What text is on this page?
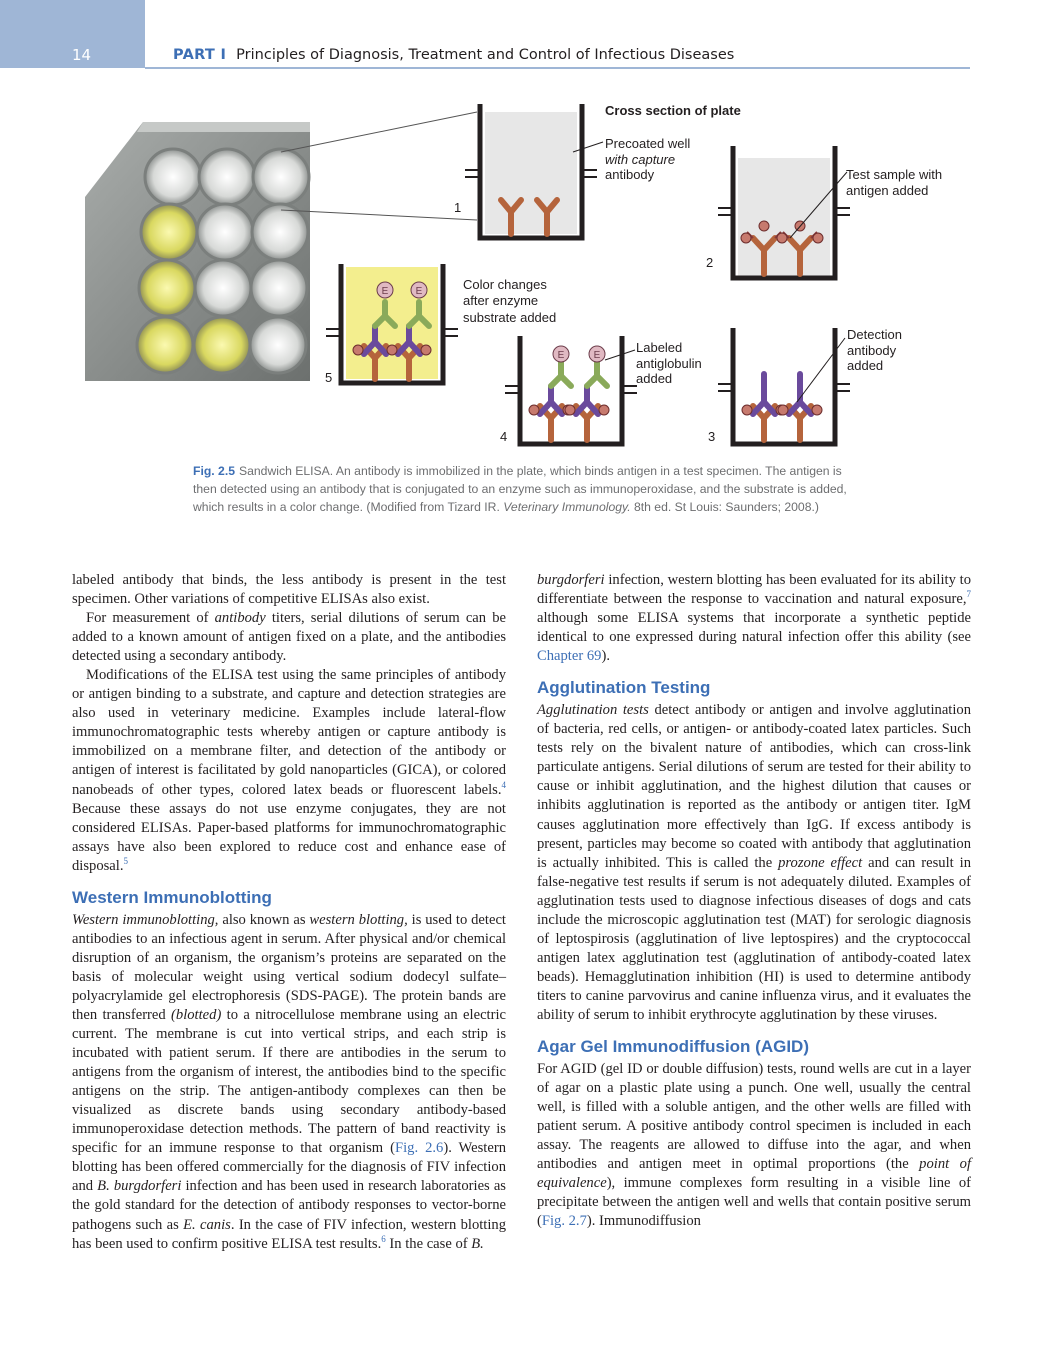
14	PART I Principles of Diagnosis, Treatment and Control of Infectious Diseases
E	E
E	E
Cross section of plate
Precoated well
with capture
antibody	Test sample with
antigen added
Detection
antibody
added
Labeled
antiglobulin
added
Color changes
after enzyme
substrate added
1
2
3
4
5

Fig. 2.5 Sandwich ELISA. An antibody is immobilized in the plate, which binds antigen in a test specimen. The antigen is then detected using an antibody that is conjugated to an enzyme such as immunoperoxidase, and the substrate is added, which results in a color change. (Modified from Tizard IR. Veterinary Immunology. 8th ed. St Louis: Saunders; 2008.)

labeled antibody that binds, the less antibody is present in the test specimen. Other variations of competitive ELISAs also exist.

For measurement of antibody titers, serial dilutions of serum can be added to a known amount of antigen fixed on a plate, and the antibodies detected using a secondary antibody.

Modifications of the ELISA test using the same principles of antibody or antigen binding to a substrate, and capture and detection strategies are also used in veterinary medicine. Examples include lateral-flow immunochromatographic tests whereby antigen or capture antibody is immobilized on a membrane filter, and detection of the antibody or antigen of interest is facilitated by gold nanoparticles (GICA), or colored nanobeads of other types, colored latex beads or fluorescent labels.$^4$ Because these assays do not use enzyme conjugates, they are not considered ELISAs. Paper-based platforms for immunochromatographic assays have also been explored to reduce cost and enhance ease of disposal.$^5$

Western Immunoblotting

Western immunoblotting, also known as western blotting, is used to detect antibodies to an infectious agent in serum. After physical and/or chemical disruption of an organism, the organism’s proteins are separated on the basis of molecular weight using vertical sodium dodecyl sulfate–polyacrylamide gel electrophoresis (SDS-PAGE). The protein bands are then transferred (blotted) to a nitrocellulose membrane using an electric current. The membrane is cut into vertical strips, and each strip is incubated with patient serum. If there are antibodies in the serum to antigens from the organism of interest, the antibodies bind to the specific antigens on the strip. The antigen-antibody complexes can then be visualized as discrete bands using secondary antibody-based immunoperoxidase detection methods. The pattern of band reactivity is specific for an immune response to that organism (Fig. 2.6). Western blotting has been offered commercially for the diagnosis of FIV infection and B. burgdorferi infection and has been used in research laboratories as the gold standard for the detection of antibody responses to vector-borne pathogens such as E. canis. In the case of FIV infection, western blotting has been used to confirm positive ELISA test results.$^6$ In the case of B.

burgdorferi infection, western blotting has been evaluated for its ability to differentiate between the response to vaccination and natural exposure,$^7$ although some ELISA systems that incorporate a synthetic peptide identical to one expressed during natural infection offer this ability (see Chapter 69).

Agglutination Testing

Agglutination tests detect antibody or antigen and involve agglutination of bacteria, red cells, or antigen- or antibody-coated latex particles. Such tests rely on the bivalent nature of antibodies, which can cross-link particulate antigens. Serial dilutions of serum are tested for their ability to cause or inhibit agglutination, and the highest dilution that causes or inhibits agglutination is reported as the antibody or antigen titer. IgM causes agglutination more effectively than IgG. If excess antibody is present, particles may become so coated with antibody that agglutination is actually inhibited. This is called the prozone effect and can result in false-negative test results if serum is not adequately diluted. Examples of agglutination tests used to diagnose infectious diseases of dogs and cats include the microscopic agglutination test (MAT) for serologic diagnosis of leptospirosis (agglutination of live leptospires) and the cryptococcal antigen latex agglutination test (agglutination of antibody-coated latex beads). Hemagglutination inhibition (HI) is used to determine antibody titers to canine parvovirus and canine influenza virus, and it evaluates the ability of serum to inhibit erythrocyte agglutination by these viruses.

Agar Gel Immunodiffusion (AGID)

For AGID (gel ID or double diffusion) tests, round wells are cut in a layer of agar on a plastic plate using a punch. One well, usually the central well, is filled with a soluble antigen, and the other wells are filled with patient serum. A positive antibody control specimen is included in each assay. The reagents are allowed to diffuse into the agar, and when antibodies and antigen meet in optimal proportions (the point of equivalence), immune complexes form resulting in a visible line of precipitate between the antigen well and wells that contain positive serum (Fig. 2.7). Immunodiffusion
